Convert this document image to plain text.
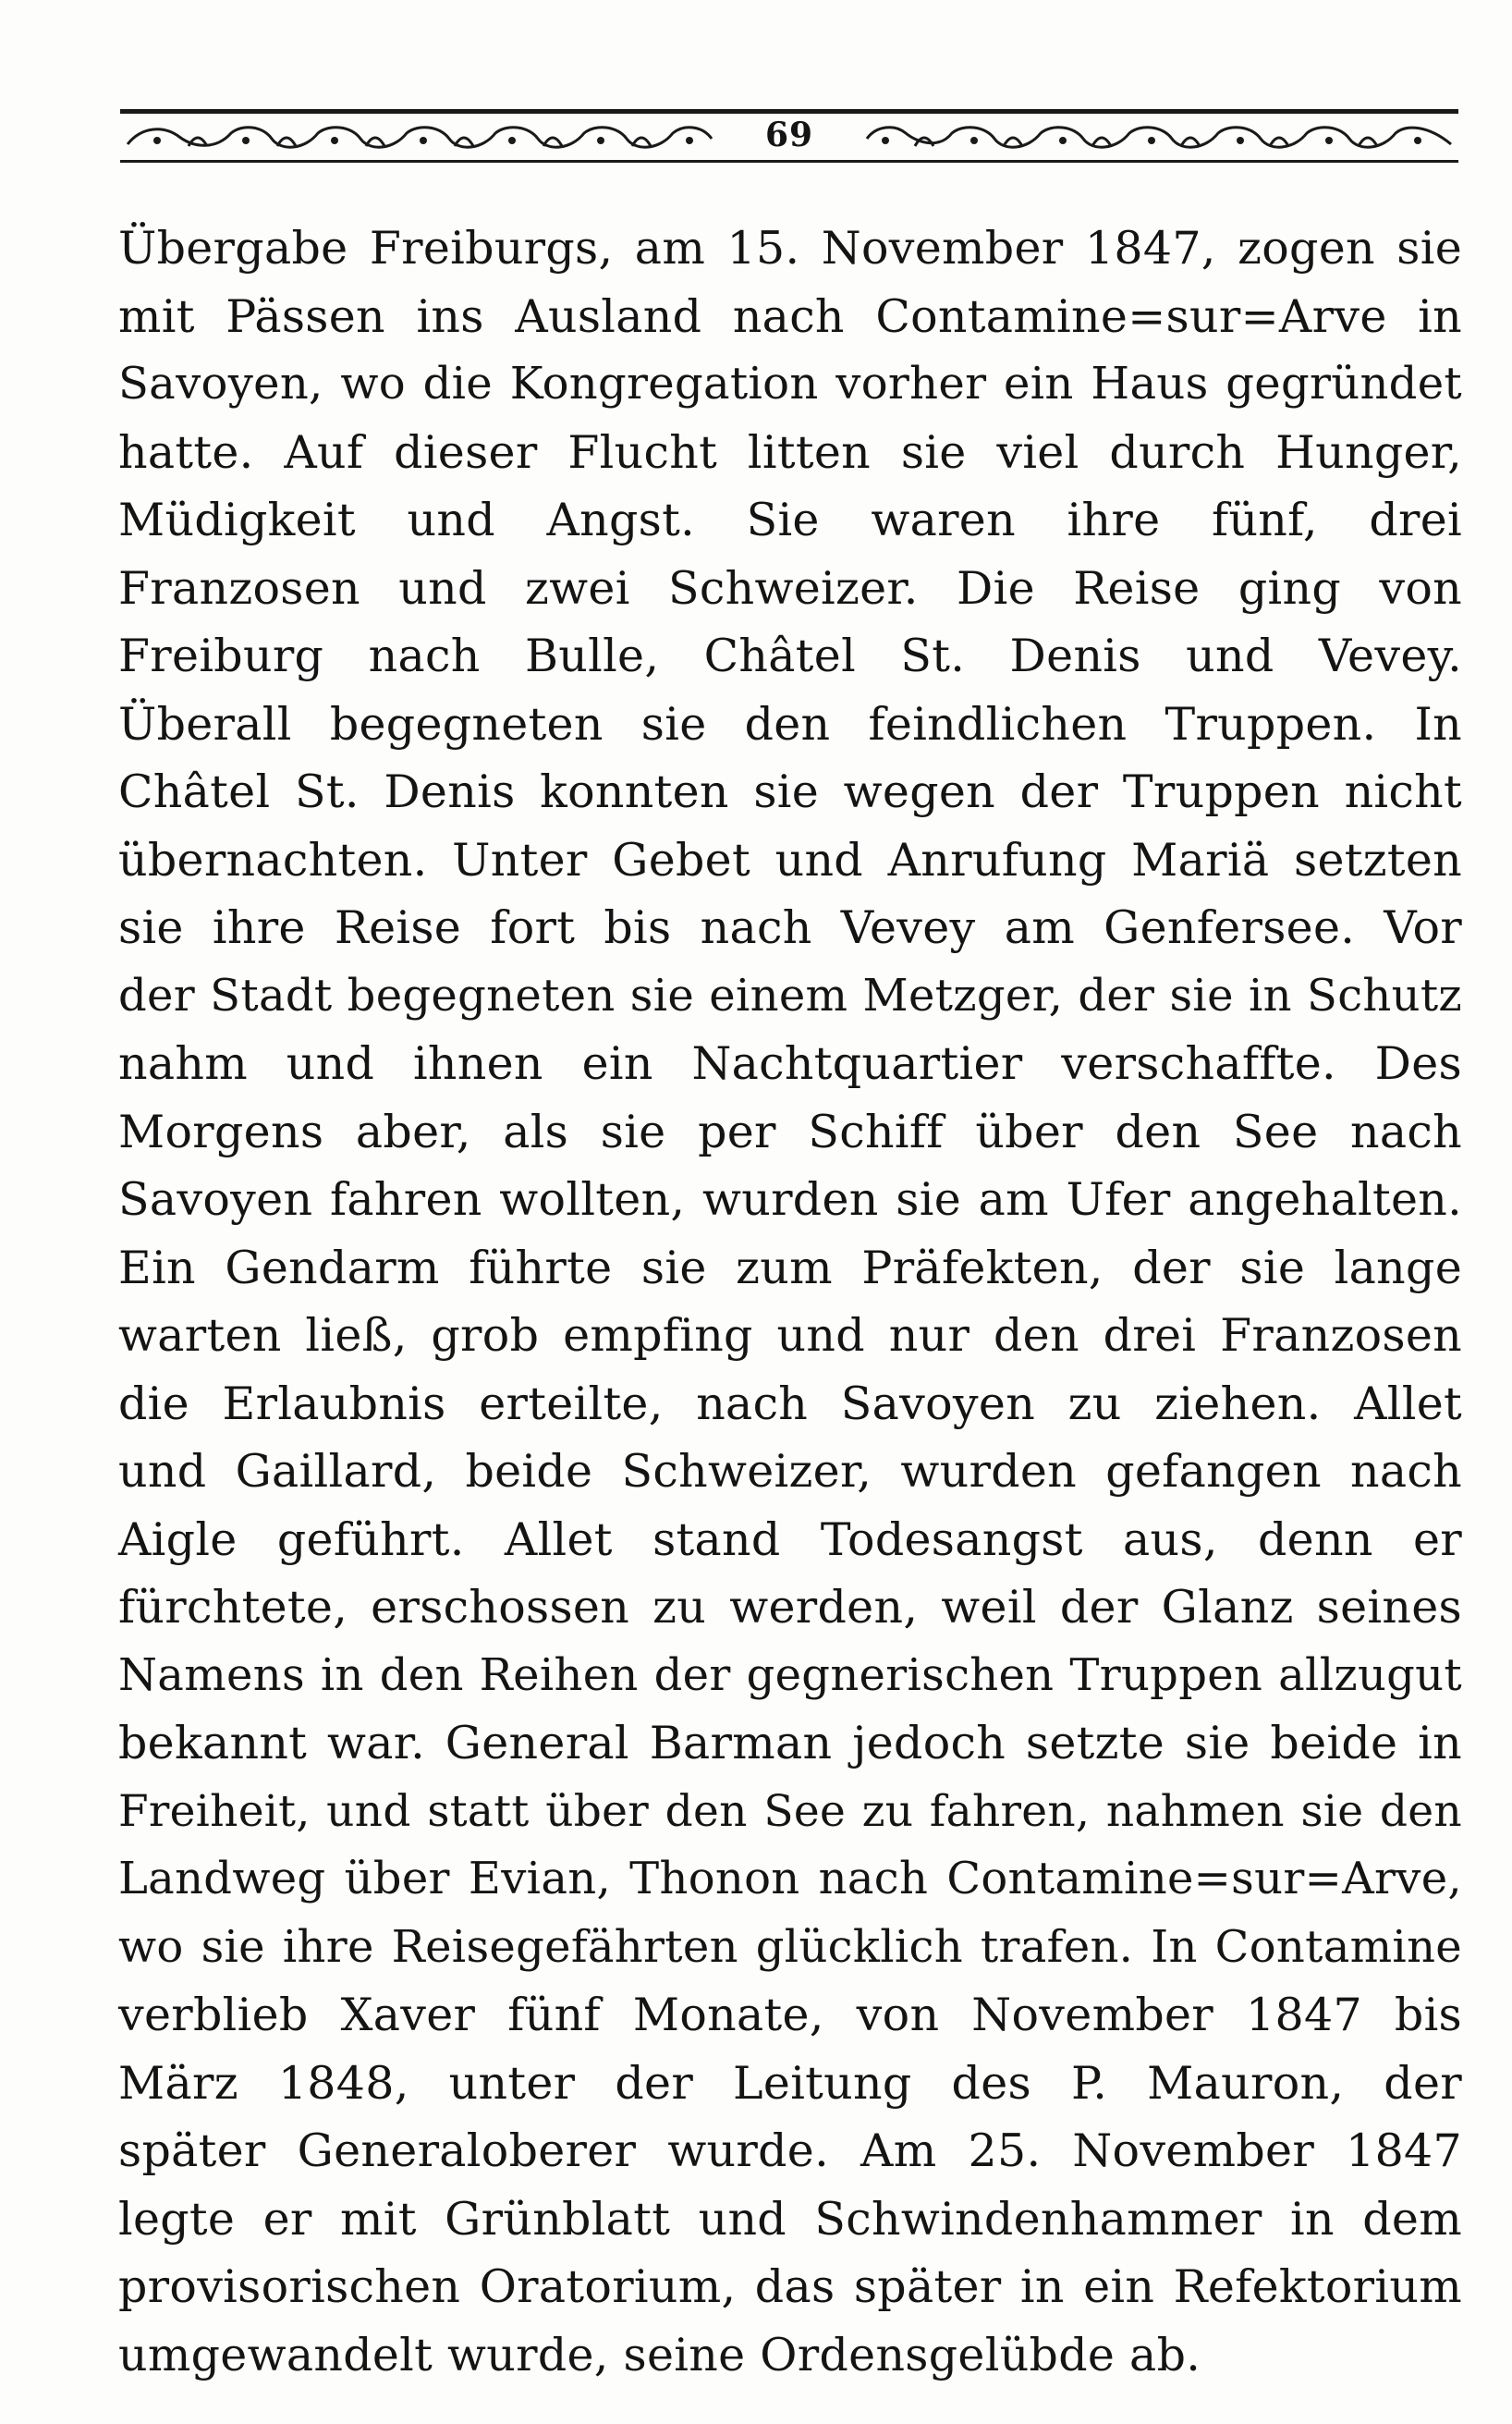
69
Übergabe Freiburgs, am 15. November 1847, zogen sie
mit Pässen ins Ausland nach Contamine=sur=Arve in
Savoyen, wo die Kongregation vorher ein Haus gegründet
hatte. Auf dieser Flucht litten sie viel durch Hunger,
Müdigkeit und Angst. Sie waren ihre fünf, drei
Franzosen und zwei Schweizer. Die Reise ging von
Freiburg nach Bulle, Châtel St. Denis und Vevey.
Überall begegneten sie den feindlichen Truppen. In
Châtel St. Denis konnten sie wegen der Truppen nicht
übernachten. Unter Gebet und Anrufung Mariä setzten
sie ihre Reise fort bis nach Vevey am Genfersee. Vor
der Stadt begegneten sie einem Metzger, der sie in Schutz
nahm und ihnen ein Nachtquartier verschaffte. Des
Morgens aber, als sie per Schiff über den See nach
Savoyen fahren wollten, wurden sie am Ufer angehalten.
Ein Gendarm führte sie zum Präfekten, der sie lange
warten ließ, grob empfing und nur den drei Franzosen
die Erlaubnis erteilte, nach Savoyen zu ziehen. Allet
und Gaillard, beide Schweizer, wurden gefangen nach
Aigle geführt. Allet stand Todesangst aus, denn er
fürchtete, erschossen zu werden, weil der Glanz seines
Namens in den Reihen der gegnerischen Truppen allzugut
bekannt war. General Barman jedoch setzte sie beide in
Freiheit, und statt über den See zu fahren, nahmen sie den
Landweg über Evian, Thonon nach Contamine=sur=Arve,
wo sie ihre Reisegefährten glücklich trafen. In Contamine
verblieb Xaver fünf Monate, von November 1847 bis
März 1848, unter der Leitung des P. Mauron, der
später Generaloberer wurde. Am 25. November 1847
legte er mit Grünblatt und Schwindenhammer in dem
provisorischen Oratorium, das später in ein Refektorium
umgewandelt wurde, seine Ordensgelübde ab.
